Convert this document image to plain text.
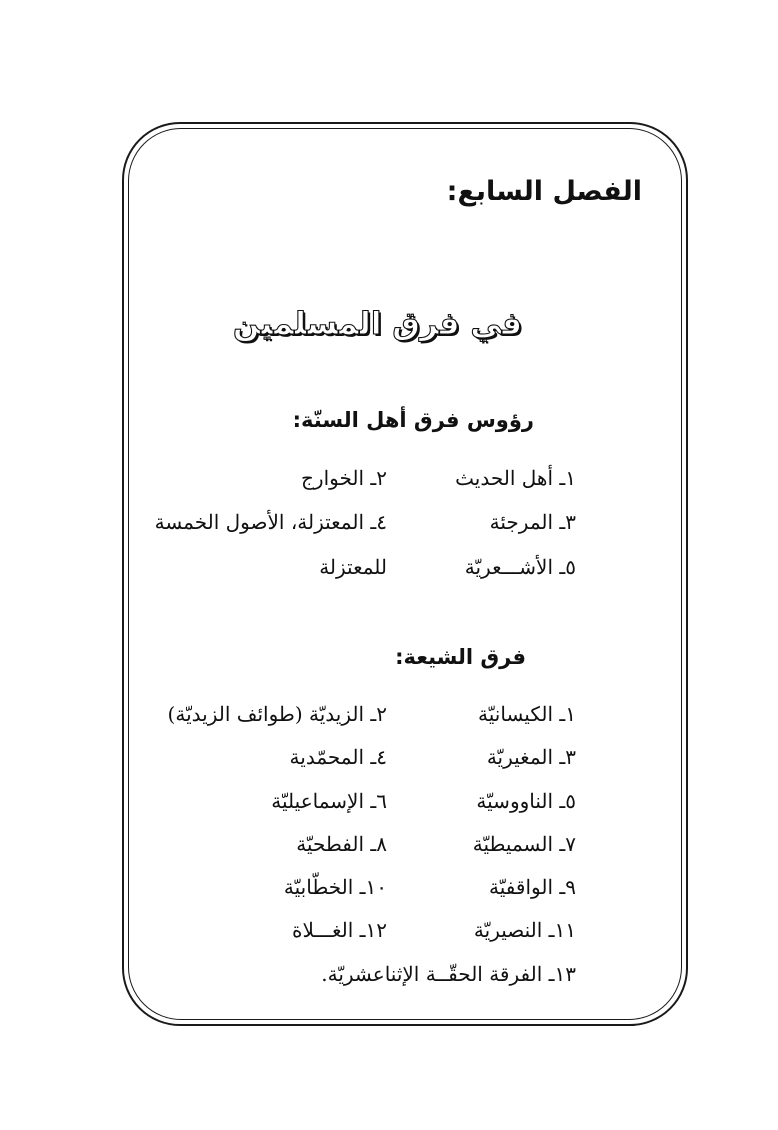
الفصل السابع:
في فرق المسلمين
رؤوس فرق أهل السنّة:
١ـ أهل الحديث
٢ـ الخوارج
٣ـ المرجئة
٤ـ المعتزلة، الأصول الخمسة
٥ـ الأشـــعريّة
للمعتزلة
فرق الشيعة:
١ـ الكيسانيّة
٢ـ الزيديّة (طوائف الزيديّة)
٣ـ المغيريّة
٤ـ المحمّدية
٥ـ الناووسيّة
٦ـ الإسماعيليّة
٧ـ السميطيّة
٨ـ الفطحيّة
٩ـ الواقفيّة
١٠ـ الخطّابيّة
١١ـ النصيريّة
١٢ـ الغـــلاة
١٣ـ الفرقة الحقّــة الإثناعشريّة.
